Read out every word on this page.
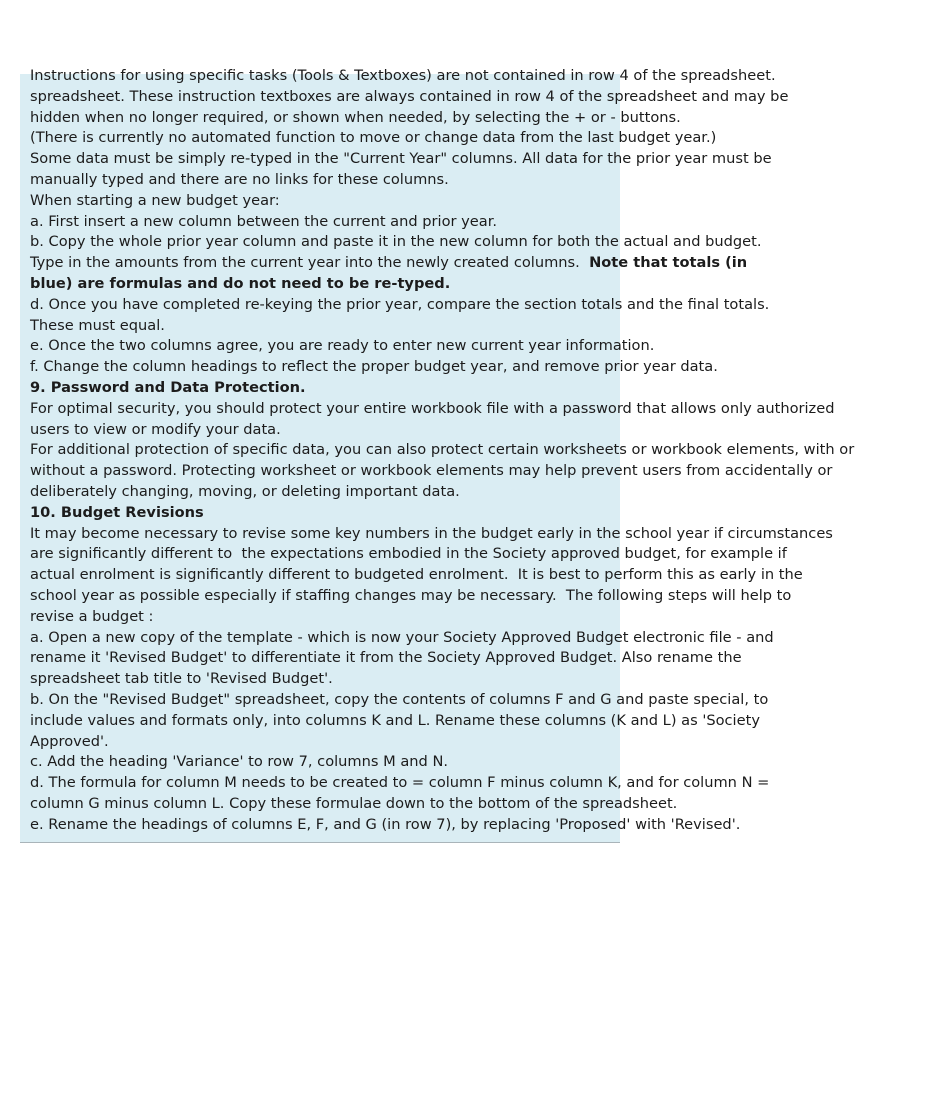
Instructions for using specific tasks (Tools & Textboxes) are not contained in row 4 of the spreadsheet.
spreadsheet. These instruction textboxes are always contained in row 4 of the spreadsheet and may be
hidden when no longer required, or shown when needed, by selecting the + or - buttons.
(There is currently no automated function to move or change data from the last budget year.)
Some data must be simply re-typed in the "Current Year" columns. All data for the prior year must be
manually typed and there are no links for these columns.
When starting a new budget year:
a. First insert a new column between the current and prior year.
b. Copy the whole prior year column and paste it in the new column for both the actual and budget.
Type in the amounts from the current year into the newly created columns.  Note that totals (in
blue) are formulas and do not need to be re-typed.
d. Once you have completed re-keying the prior year, compare the section totals and the final totals.
These must equal.
e. Once the two columns agree, you are ready to enter new current year information.
f. Change the column headings to reflect the proper budget year, and remove prior year data.
9. Password and Data Protection.
For optimal security, you should protect your entire workbook file with a password that allows only authorized
users to view or modify your data.
For additional protection of specific data, you can also protect certain worksheets or workbook elements, with or
without a password. Protecting worksheet or workbook elements may help prevent users from accidentally or
deliberately changing, moving, or deleting important data.
10. Budget Revisions
It may become necessary to revise some key numbers in the budget early in the school year if circumstances
are significantly different to  the expectations embodied in the Society approved budget, for example if
actual enrolment is significantly different to budgeted enrolment.  It is best to perform this as early in the
school year as possible especially if staffing changes may be necessary.  The following steps will help to
revise a budget :
a. Open a new copy of the template - which is now your Society Approved Budget electronic file - and
rename it 'Revised Budget' to differentiate it from the Society Approved Budget. Also rename the
spreadsheet tab title to 'Revised Budget'.
b. On the "Revised Budget" spreadsheet, copy the contents of columns F and G and paste special, to
include values and formats only, into columns K and L. Rename these columns (K and L) as 'Society
Approved'.
c. Add the heading 'Variance' to row 7, columns M and N.
d. The formula for column M needs to be created to = column F minus column K, and for column N =
column G minus column L. Copy these formulae down to the bottom of the spreadsheet.
e. Rename the headings of columns E, F, and G (in row 7), by replacing 'Proposed' with 'Revised'.
